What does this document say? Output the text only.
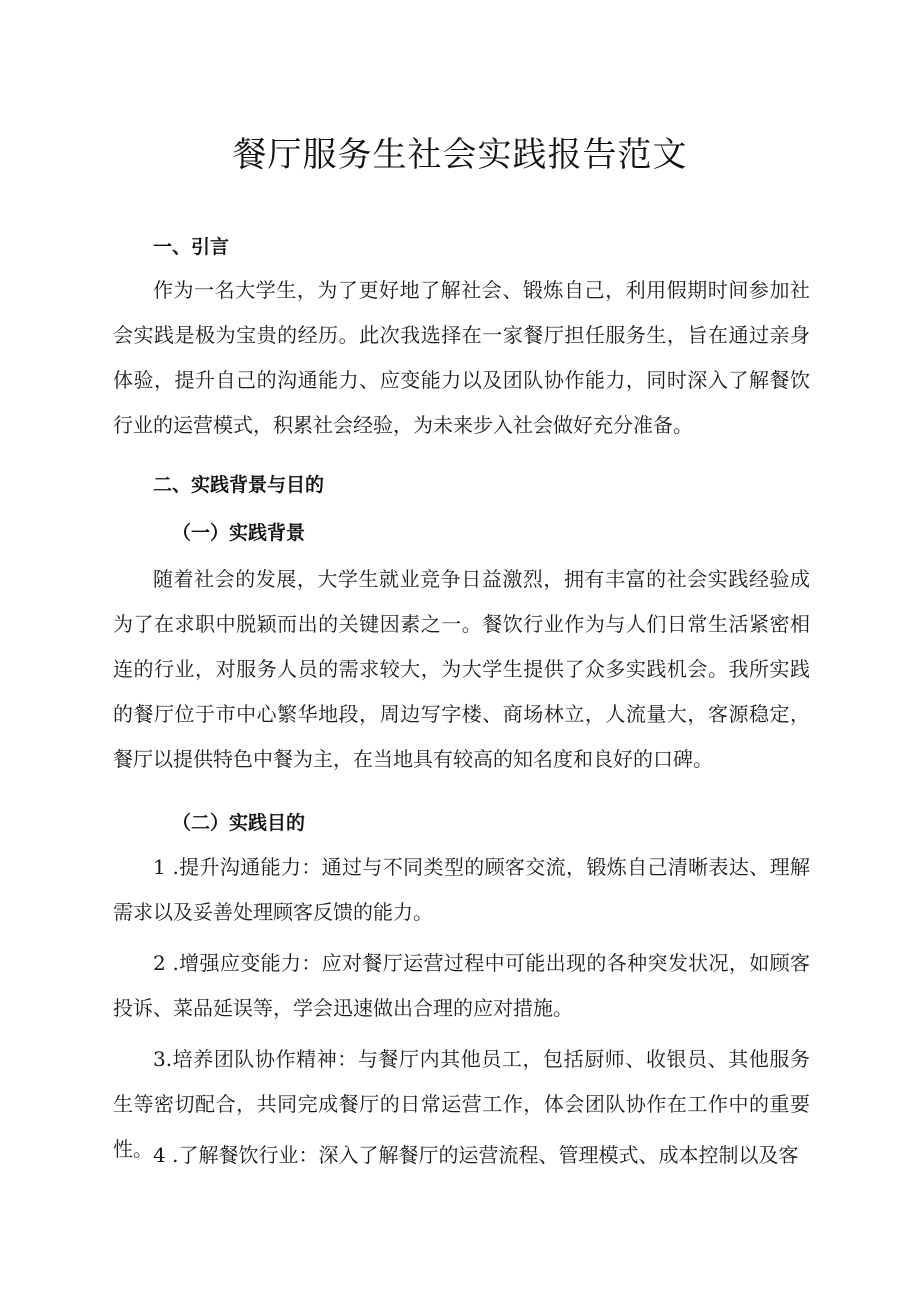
餐厅服务生社会实践报告范文
一、引言
作为一名大学生，为了更好地了解社会、锻炼自己，利用假期时间参加社会实践是极为宝贵的经历。此次我选择在一家餐厅担任服务生，旨在通过亲身体验，提升自己的沟通能力、应变能力以及团队协作能力，同时深入了解餐饮行业的运营模式，积累社会经验，为未来步入社会做好充分准备。
二、实践背景与目的
（一）实践背景
随着社会的发展，大学生就业竞争日益激烈，拥有丰富的社会实践经验成为了在求职中脱颖而出的关键因素之一。餐饮行业作为与人们日常生活紧密相连的行业，对服务人员的需求较大，为大学生提供了众多实践机会。我所实践的餐厅位于市中心繁华地段，周边写字楼、商场林立，人流量大，客源稳定，餐厅以提供特色中餐为主，在当地具有较高的知名度和良好的口碑。
（二）实践目的
1 .提升沟通能力：通过与不同类型的顾客交流，锻炼自己清晰表达、理解需求以及妥善处理顾客反馈的能力。
2 .增强应变能力：应对餐厅运营过程中可能出现的各种突发状况，如顾客投诉、菜品延误等，学会迅速做出合理的应对措施。
3.培养团队协作精神：与餐厅内其他员工，包括厨师、收银员、其他服务生等密切配合，共同完成餐厅的日常运营工作，体会团队协作在工作中的重要性。 4 .了解餐饮行业：深入了解餐厅的运营流程、管理模式、成本控制以及客
